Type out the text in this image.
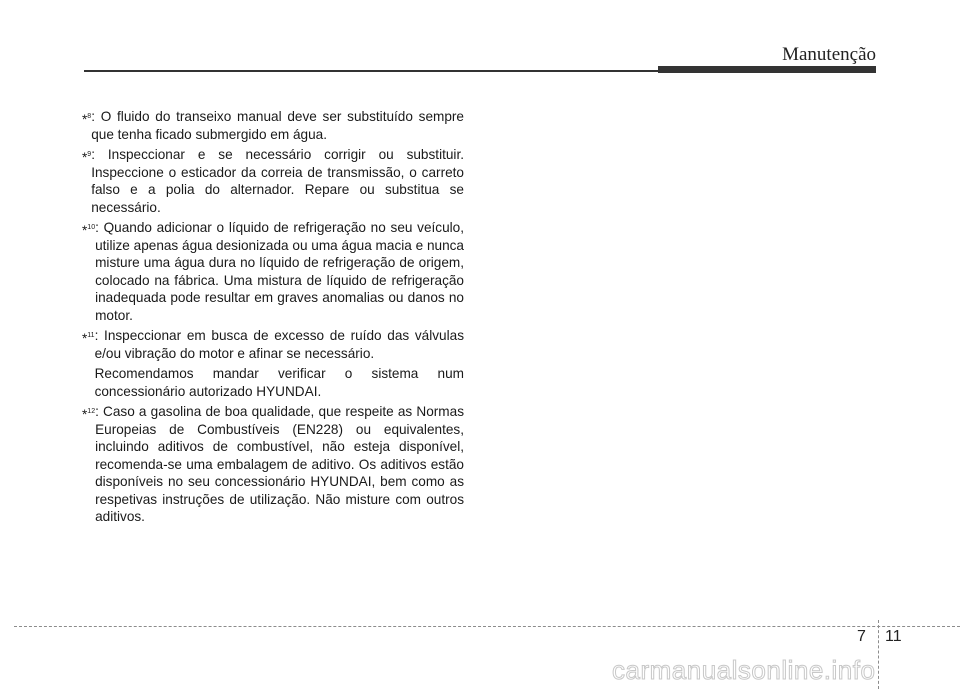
Manutenção
*$^8$ : O fluido do transeixo manual deve ser substituído sempre que tenha ficado submergido em água.
*$^9$ : Inspeccionar e se necessário corrigir ou substituir. Inspeccione o esticador da correia de transmissão, o carreto falso e a polia do alternador. Repare ou substitua se necessário.
*$^{10}$ : Quando adicionar o líquido de refrigeração no seu veículo, utilize apenas água desionizada ou uma água macia e nunca misture uma água dura no líquido de refrigeração de origem, colocado na fábrica. Uma mistura de líquido de refrigeração inadequada pode resultar em graves anomalias ou danos no motor.
*$^{11}$ : Inspeccionar em busca de excesso de ruído das válvulas e/ou vibração do motor e afinar se necessário.
Recomendamos mandar verificar o sistema num concessionário autorizado HYUNDAI.
*$^{12}$ : Caso a gasolina de boa qualidade, que respeite as Normas Europeias de Combustíveis (EN228) ou equivalentes, incluindo aditivos de combustível, não esteja disponível, recomenda-se uma embalagem de aditivo. Os aditivos estão disponíveis no seu concessionário HYUNDAI, bem como as respetivas instruções de utilização. Não misture com outros aditivos.
7 11
carmanualsonline.info
